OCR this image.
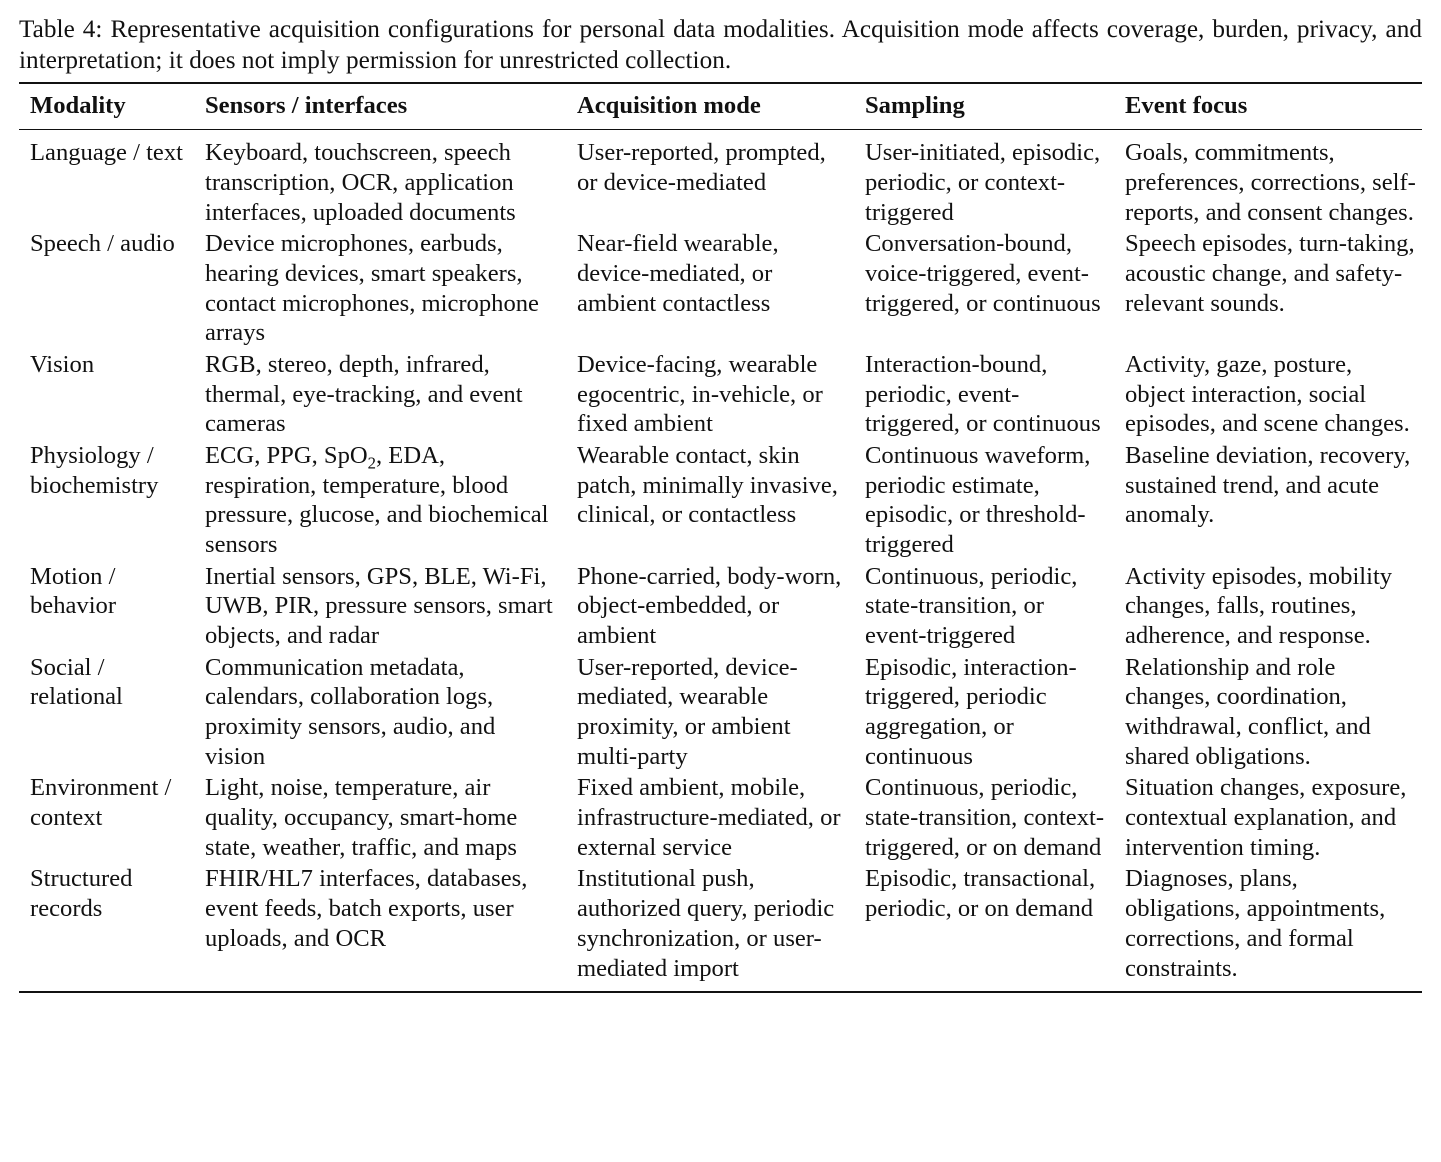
Table 4: Representative acquisition configurations for personal data modalities. Acquisition mode affects coverage, burden, privacy, and interpretation; it does not imply permission for unrestricted collection.

Modality	Sensors / interfaces	Acquisition mode	Sampling	Event focus
Language / text	Keyboard, touchscreen, speech transcription, OCR, application interfaces, uploaded documents	User-reported, prompted, or device-mediated	User-initiated, episodic, periodic, or context-triggered	Goals, commitments, preferences, corrections, self-reports, and consent changes.
Speech / audio	Device microphones, earbuds, hearing devices, smart speakers, contact microphones, microphone arrays	Near-field wearable, device-mediated, or ambient contactless	Conversation-bound, voice-triggered, event-triggered, or continuous	Speech episodes, turn-taking, acoustic change, and safety-relevant sounds.
Vision	RGB, stereo, depth, infrared, thermal, eye-tracking, and event cameras	Device-facing, wearable egocentric, in-vehicle, or fixed ambient	Interaction-bound, periodic, event-triggered, or continuous	Activity, gaze, posture, object interaction, social episodes, and scene changes.
Physiology / biochemistry	ECG, PPG, SpO$_2$, EDA, respiration, temperature, blood pressure, glucose, and biochemical sensors	Wearable contact, skin patch, minimally invasive, clinical, or contactless	Continuous waveform, periodic estimate, episodic, or threshold-triggered	Baseline deviation, recovery, sustained trend, and acute anomaly.
Motion / behavior	Inertial sensors, GPS, BLE, Wi-Fi, UWB, PIR, pressure sensors, smart objects, and radar	Phone-carried, body-worn, object-embedded, or ambient	Continuous, periodic, state-transition, or event-triggered	Activity episodes, mobility changes, falls, routines, adherence, and response.
Social / relational	Communication metadata, calendars, collaboration logs, proximity sensors, audio, and vision	User-reported, device-mediated, wearable proximity, or ambient multi-party	Episodic, interaction-triggered, periodic aggregation, or continuous	Relationship and role changes, coordination, withdrawal, conflict, and shared obligations.
Environment / context	Light, noise, temperature, air quality, occupancy, smart-home state, weather, traffic, and maps	Fixed ambient, mobile, infrastructure-mediated, or external service	Continuous, periodic, state-transition, context-triggered, or on demand	Situation changes, exposure, contextual explanation, and intervention timing.
Structured records	FHIR/HL7 interfaces, databases, event feeds, batch exports, user uploads, and OCR	Institutional push, authorized query, periodic synchronization, or user-mediated import	Episodic, transactional, periodic, or on demand	Diagnoses, plans, obligations, appointments, corrections, and formal constraints.
